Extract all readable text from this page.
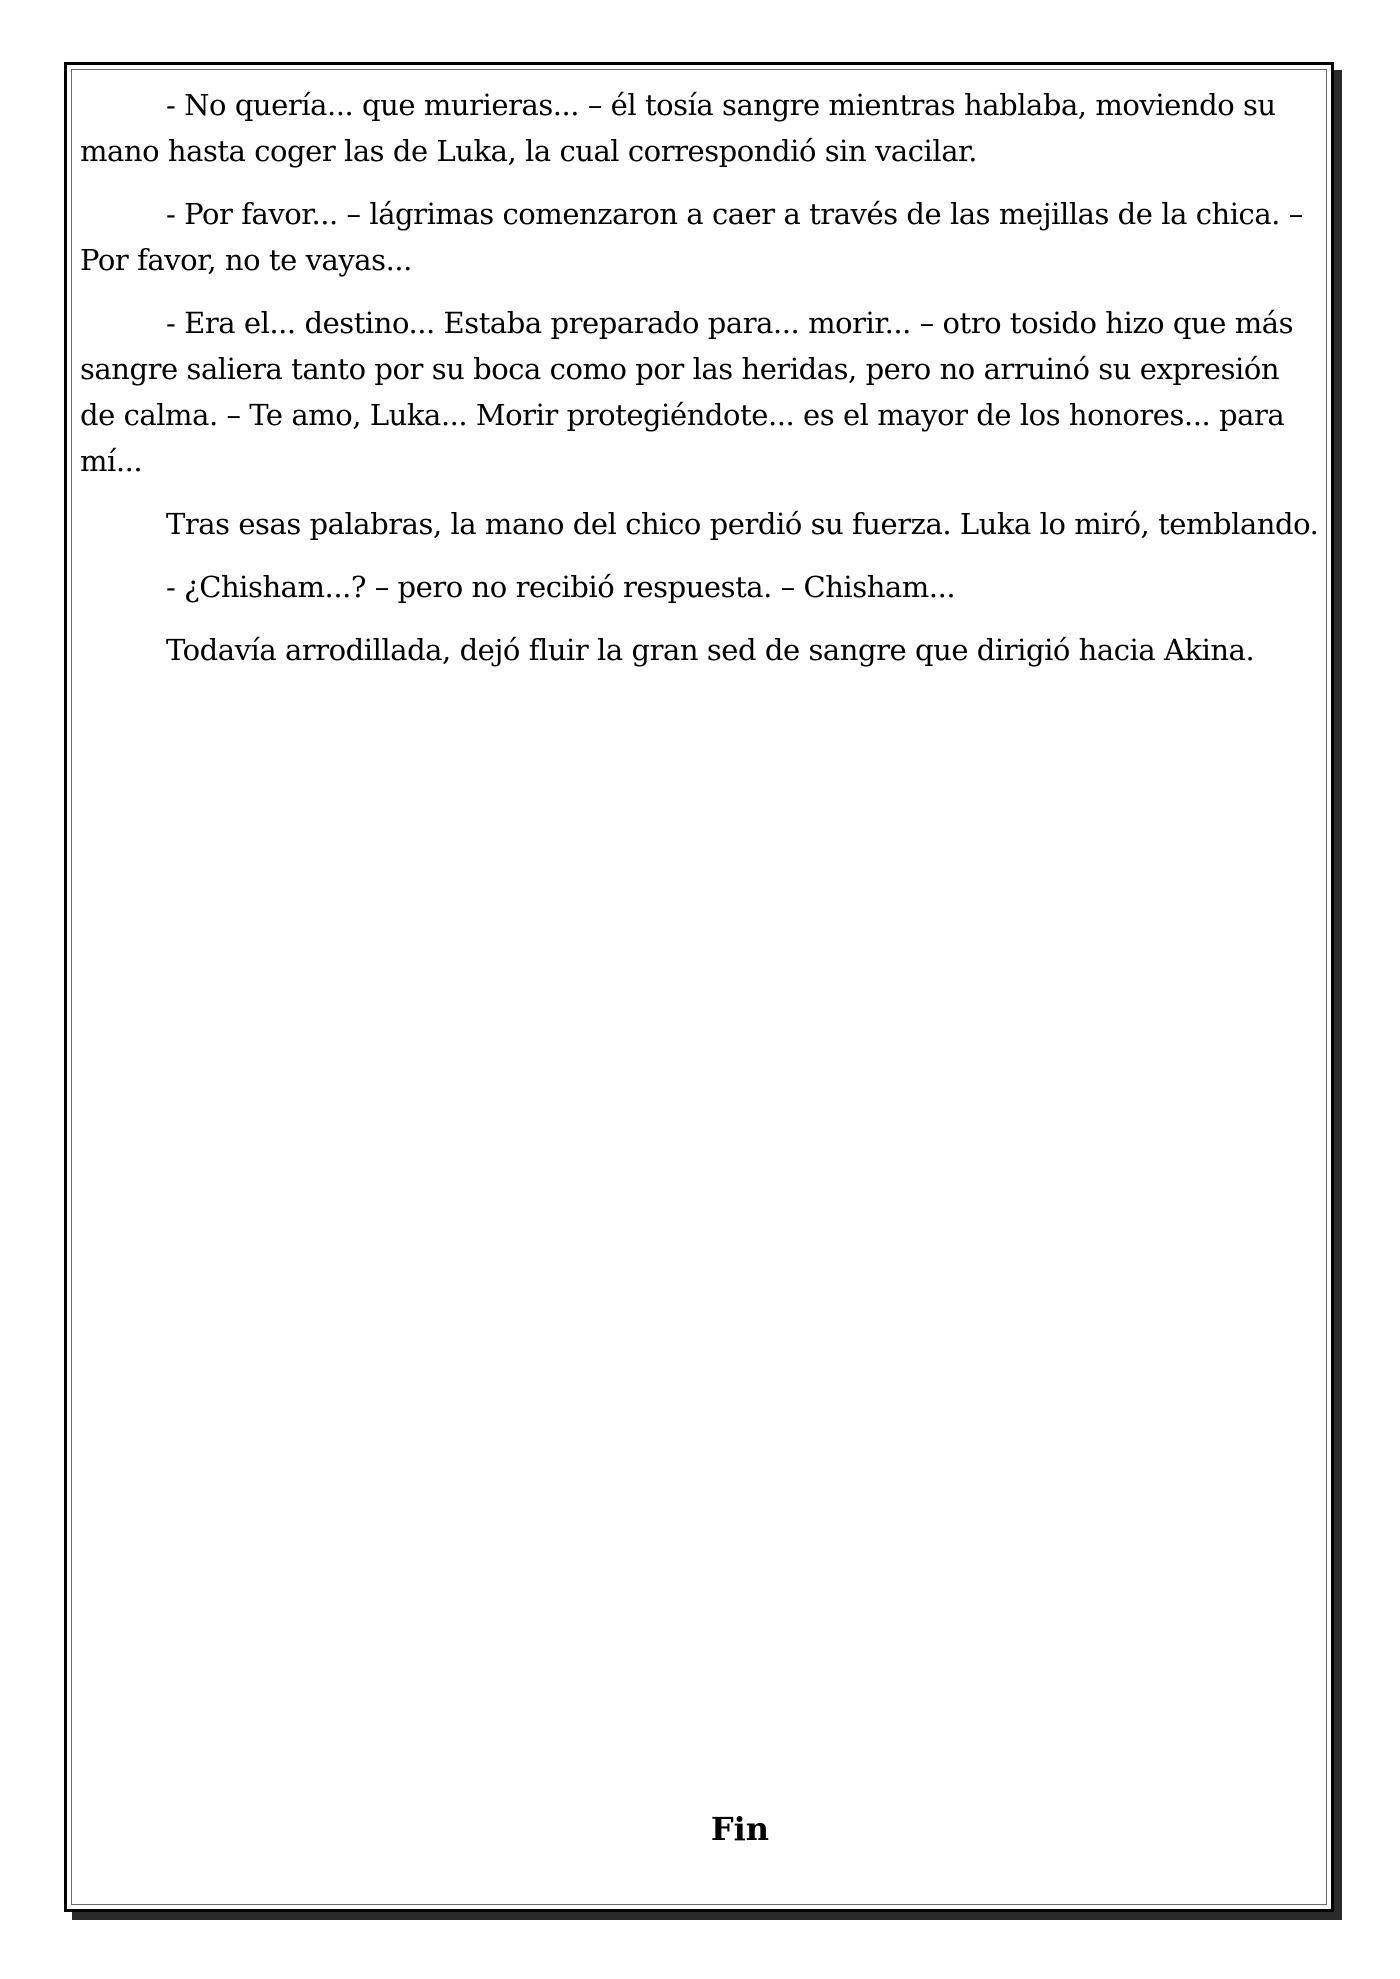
- No quería... que murieras... – él tosía sangre mientras hablaba, moviendo su mano hasta coger las de Luka, la cual correspondió sin vacilar.

- Por favor... – lágrimas comenzaron a caer a través de las mejillas de la chica. – Por favor, no te vayas...

- Era el... destino... Estaba preparado para... morir... – otro tosido hizo que más sangre saliera tanto por su boca como por las heridas, pero no arruinó su expresión de calma. – Te amo, Luka... Morir protegiéndote... es el mayor de los honores... para mí...

Tras esas palabras, la mano del chico perdió su fuerza. Luka lo miró, temblando.

- ¿Chisham...? – pero no recibió respuesta. – Chisham...

Todavía arrodillada, dejó fluir la gran sed de sangre que dirigió hacia Akina.

Fin
